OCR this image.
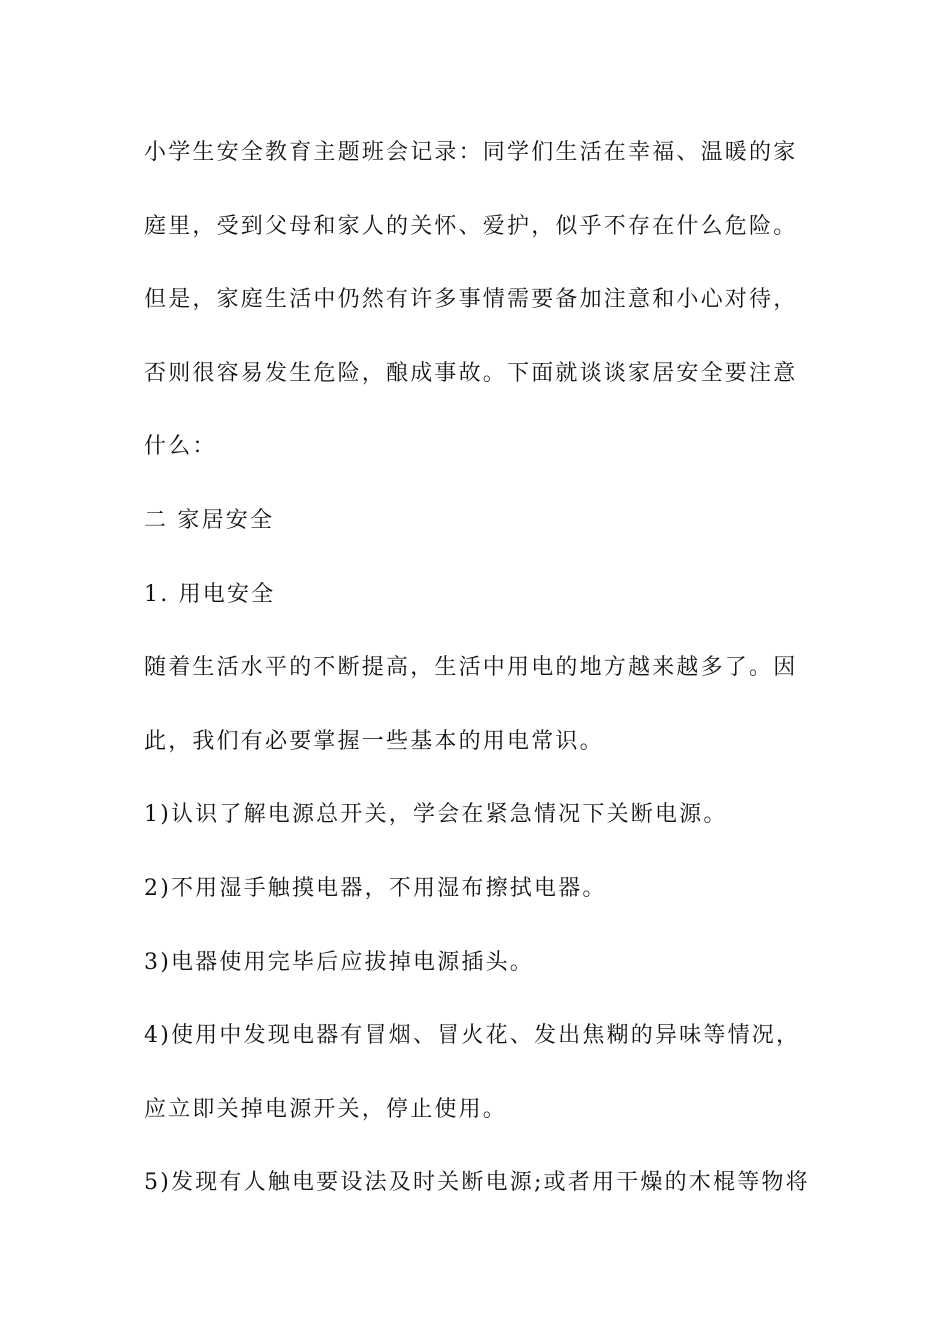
小学生安全教育主题班会记录：同学们生活在幸福、温暖的家
庭里，受到父母和家人的关怀、爱护，似乎不存在什么危险。
但是，家庭生活中仍然有许多事情需要备加注意和小心对待，
否则很容易发生危险，酿成事故。下面就谈谈家居安全要注意
什么：
二 家居安全
1. 用电安全
随着生活水平的不断提高，生活中用电的地方越来越多了。因
此，我们有必要掌握一些基本的用电常识。
1)认识了解电源总开关，学会在紧急情况下关断电源。
2)不用湿手触摸电器，不用湿布擦拭电器。
3)电器使用完毕后应拔掉电源插头。
4)使用中发现电器有冒烟、冒火花、发出焦糊的异味等情况，
应立即关掉电源开关，停止使用。
5)发现有人触电要设法及时关断电源;或者用干燥的木棍等物将
